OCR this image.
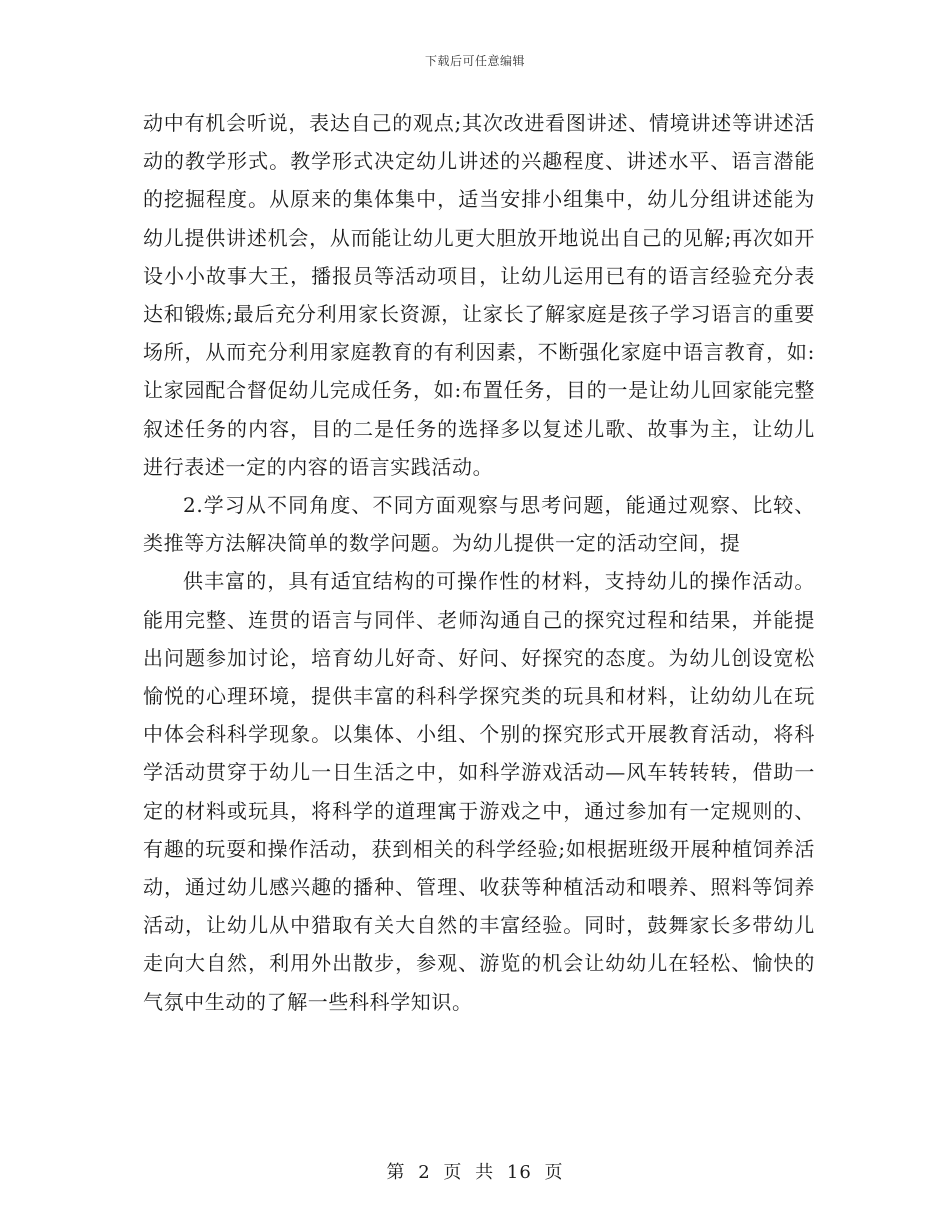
下载后可任意编辑

动中有机会听说，表达自己的观点;其次改进看图讲述、情境讲述等讲述活动的教学形式。教学形式决定幼儿讲述的兴趣程度、讲述水平、语言潜能的挖掘程度。从原来的集体集中，适当安排小组集中，幼儿分组讲述能为幼儿提供讲述机会，从而能让幼儿更大胆放开地说出自己的见解;再次如开设小小故事大王，播报员等活动项目，让幼儿运用已有的语言经验充分表达和锻炼;最后充分利用家长资源，让家长了解家庭是孩子学习语言的重要场所，从而充分利用家庭教育的有利因素，不断强化家庭中语言教育，如:让家园配合督促幼儿完成任务，如:布置任务，目的一是让幼儿回家能完整叙述任务的内容，目的二是任务的选择多以复述儿歌、故事为主，让幼儿进行表述一定的内容的语言实践活动。

2.学习从不同角度、不同方面观察与思考问题，能通过观察、比较、类推等方法解决简单的数学问题。为幼儿提供一定的活动空间，提

供丰富的，具有适宜结构的可操作性的材料，支持幼儿的操作活动。能用完整、连贯的语言与同伴、老师沟通自己的探究过程和结果，并能提出问题参加讨论，培育幼儿好奇、好问、好探究的态度。为幼儿创设宽松愉悦的心理环境，提供丰富的科科学探究类的玩具和材料，让幼幼儿在玩中体会科科学现象。以集体、小组、个别的探究形式开展教育活动，将科学活动贯穿于幼儿一日生活之中，如科学游戏活动—风车转转转，借助一定的材料或玩具，将科学的道理寓于游戏之中，通过参加有一定规则的、有趣的玩耍和操作活动，获到相关的科学经验;如根据班级开展种植饲养活动，通过幼儿感兴趣的播种、管理、收获等种植活动和喂养、照料等饲养活动，让幼儿从中猎取有关大自然的丰富经验。同时，鼓舞家长多带幼儿走向大自然，利用外出散步，参观、游览的机会让幼幼儿在轻松、愉快的气氛中生动的了解一些科科学知识。

第 2 页 共 16 页
